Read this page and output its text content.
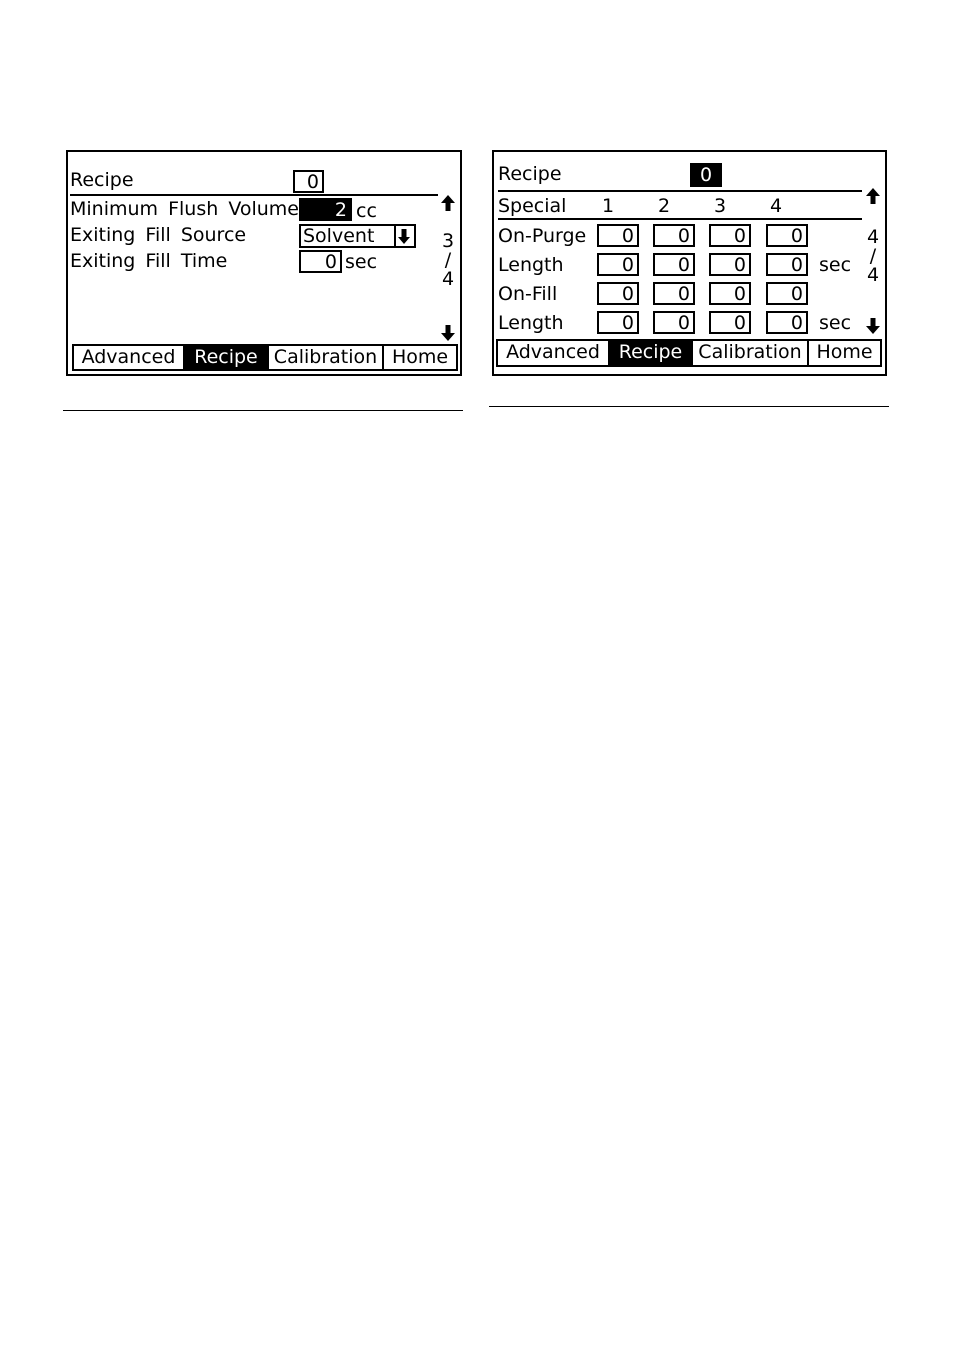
Recipe	0
Minimum Flush Volume	2 cc
Exiting Fill Source	Solvent
Exiting Fill Time	0 sec
3
/
4
Advanced Recipe Calibration Home
Recipe	0
Special 1 2 3 4
On-Purge	0	0	0	0
Length	0	0	0	0 sec
On-Fill	0	0	0	0
Length	0	0	0	0 sec
4
/
4
Advanced Recipe Calibration Home
